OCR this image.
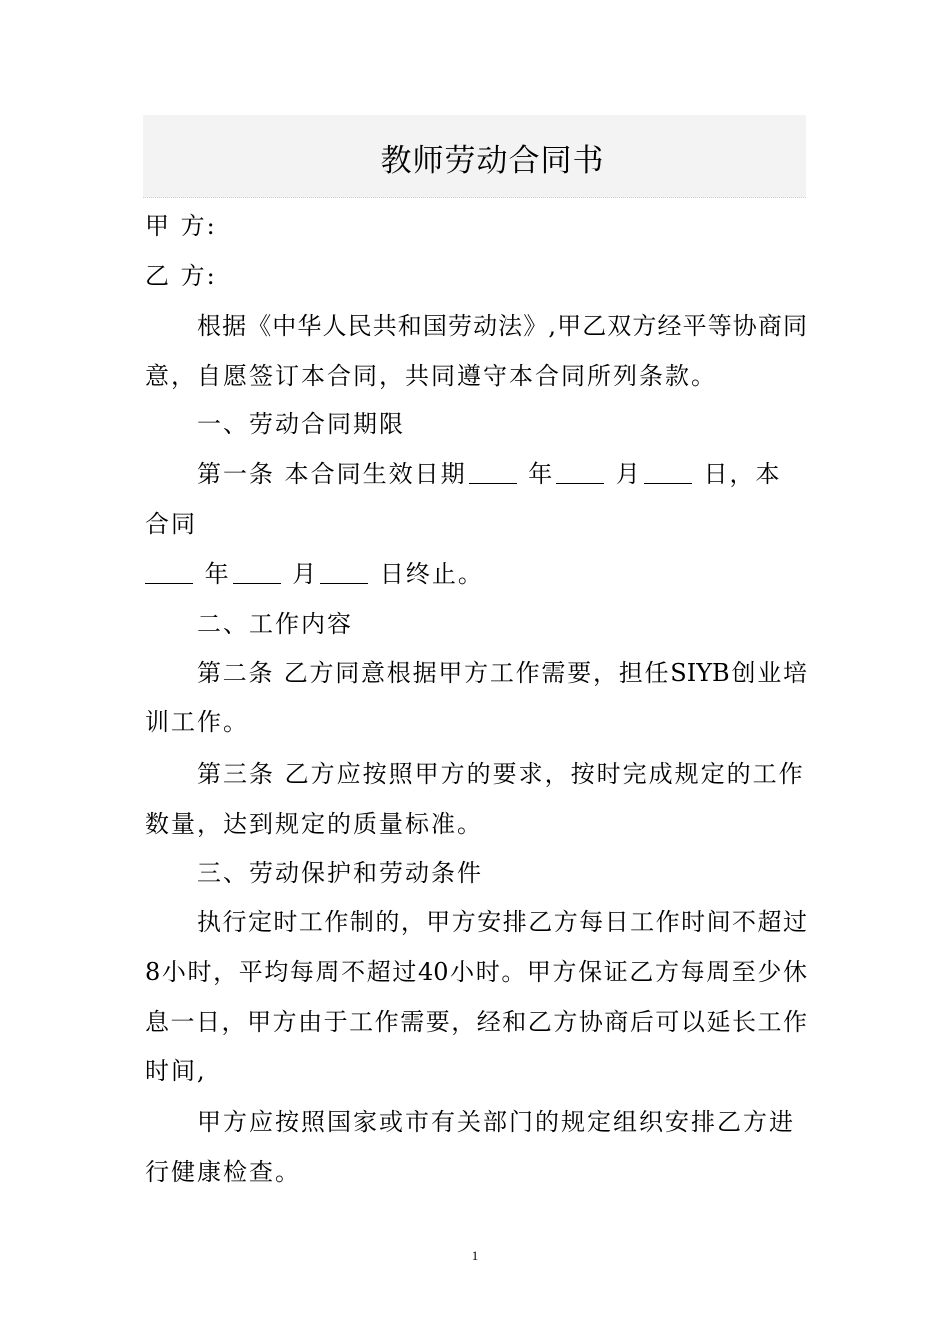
教师劳动合同书
甲 方:
乙 方:
根据《中华人民共和国劳动法》,甲乙双方经平等协商同
意，自愿签订本合同，共同遵守本合同所列条款。
一、劳动合同期限
第一条 本合同生效日期	年	月	日，本
合同
年	月	日终止。
二、工作内容
第二条 乙方同意根据甲方工作需要，担任SIYB创业培
训工作。
第三条 乙方应按照甲方的要求，按时完成规定的工作
数量，达到规定的质量标准。
三、劳动保护和劳动条件
执行定时工作制的，甲方安排乙方每日工作时间不超过
8小时，平均每周不超过40小时。甲方保证乙方每周至少休
息一日，甲方由于工作需要，经和乙方协商后可以延长工作
时间,
甲方应按照国家或市有关部门的规定组织安排乙方进
行健康检查。
1
